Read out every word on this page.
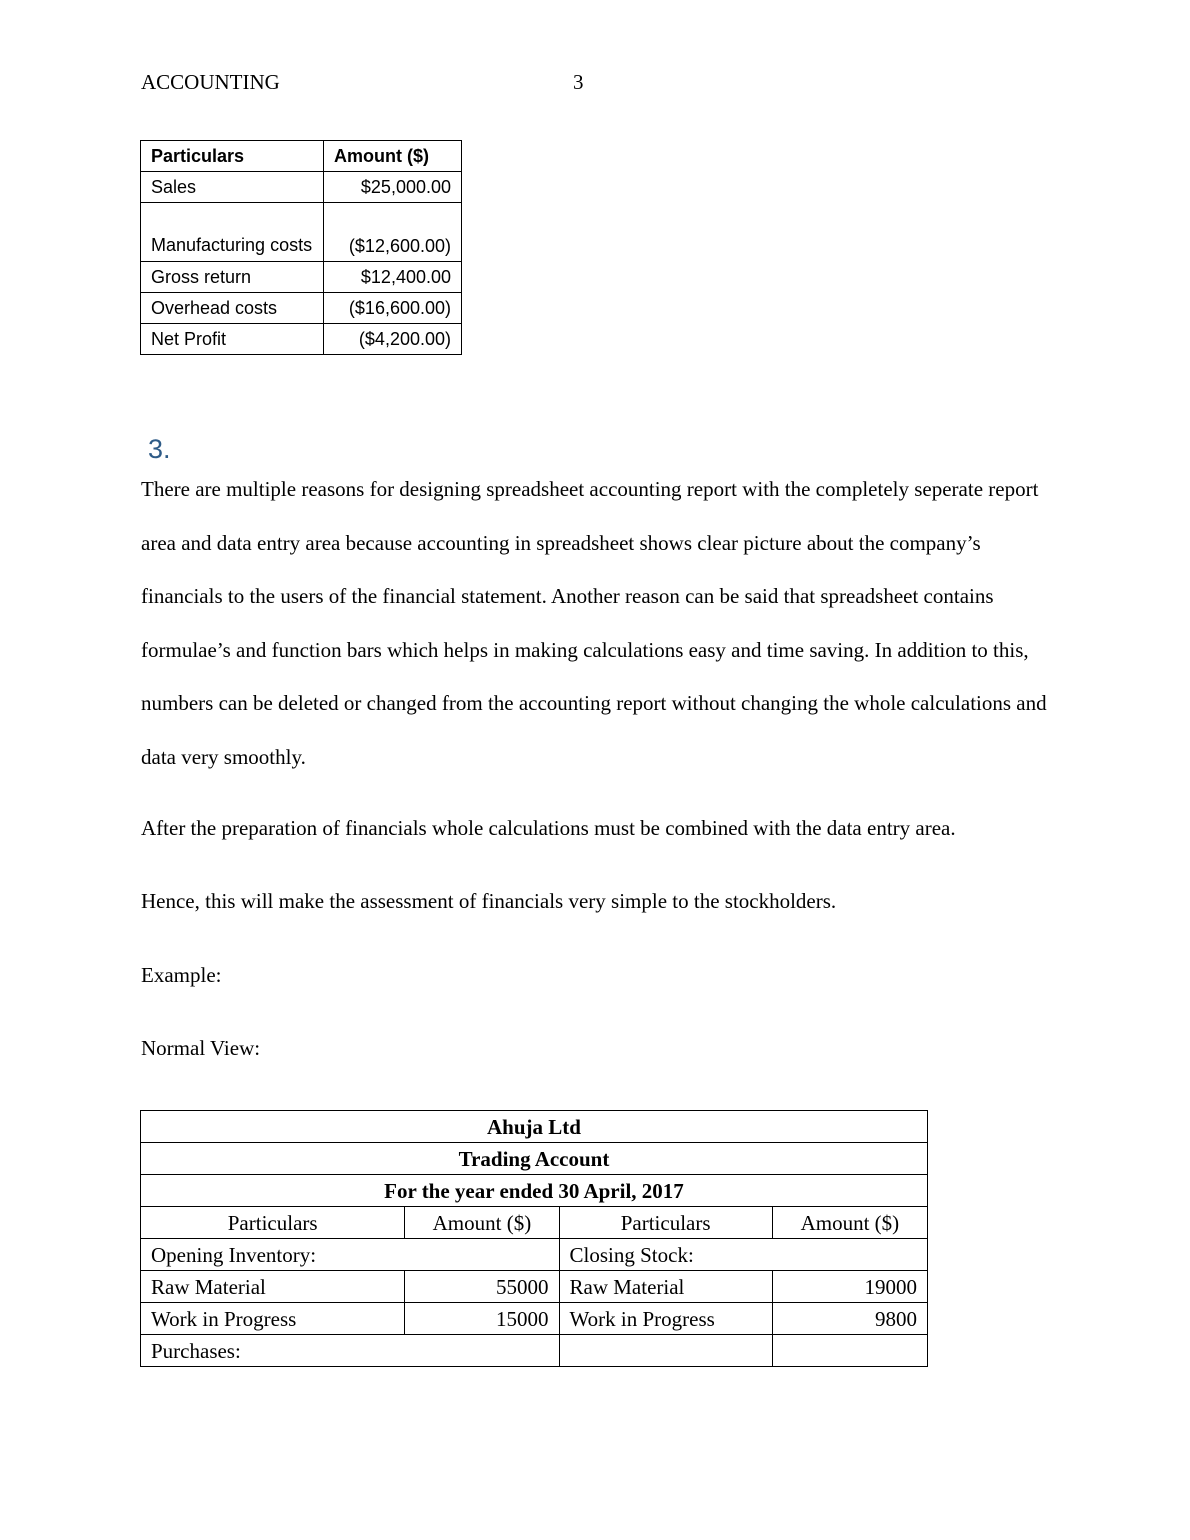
ACCOUNTING	3
Particulars	Amount ($)
Sales	$25,000.00
Manufacturing costs	($12,600.00)
Gross return	$12,400.00
Overhead costs	($16,600.00)
Net Profit	($4,200.00)
3.
There are multiple reasons for designing spreadsheet accounting report with the completely seperate report area and data entry area because accounting in spreadsheet shows clear picture about the company’s financials to the users of the financial statement. Another reason can be said that spreadsheet contains formulae’s and function bars which helps in making calculations easy and time saving. In addition to this, numbers can be deleted or changed from the accounting report without changing the whole calculations and data very smoothly.
After the preparation of financials whole calculations must be combined with the data entry area.
Hence, this will make the assessment of financials very simple to the stockholders.
Example:
Normal View:
Ahuja Ltd			
Trading Account			
For the year ended 30 April, 2017			
Particulars	Amount ($)	Particulars	Amount ($)
Opening Inventory:		Closing Stock:	
Raw Material	55000	Raw Material	19000
Work in Progress	15000	Work in Progress	9800
Purchases:			
